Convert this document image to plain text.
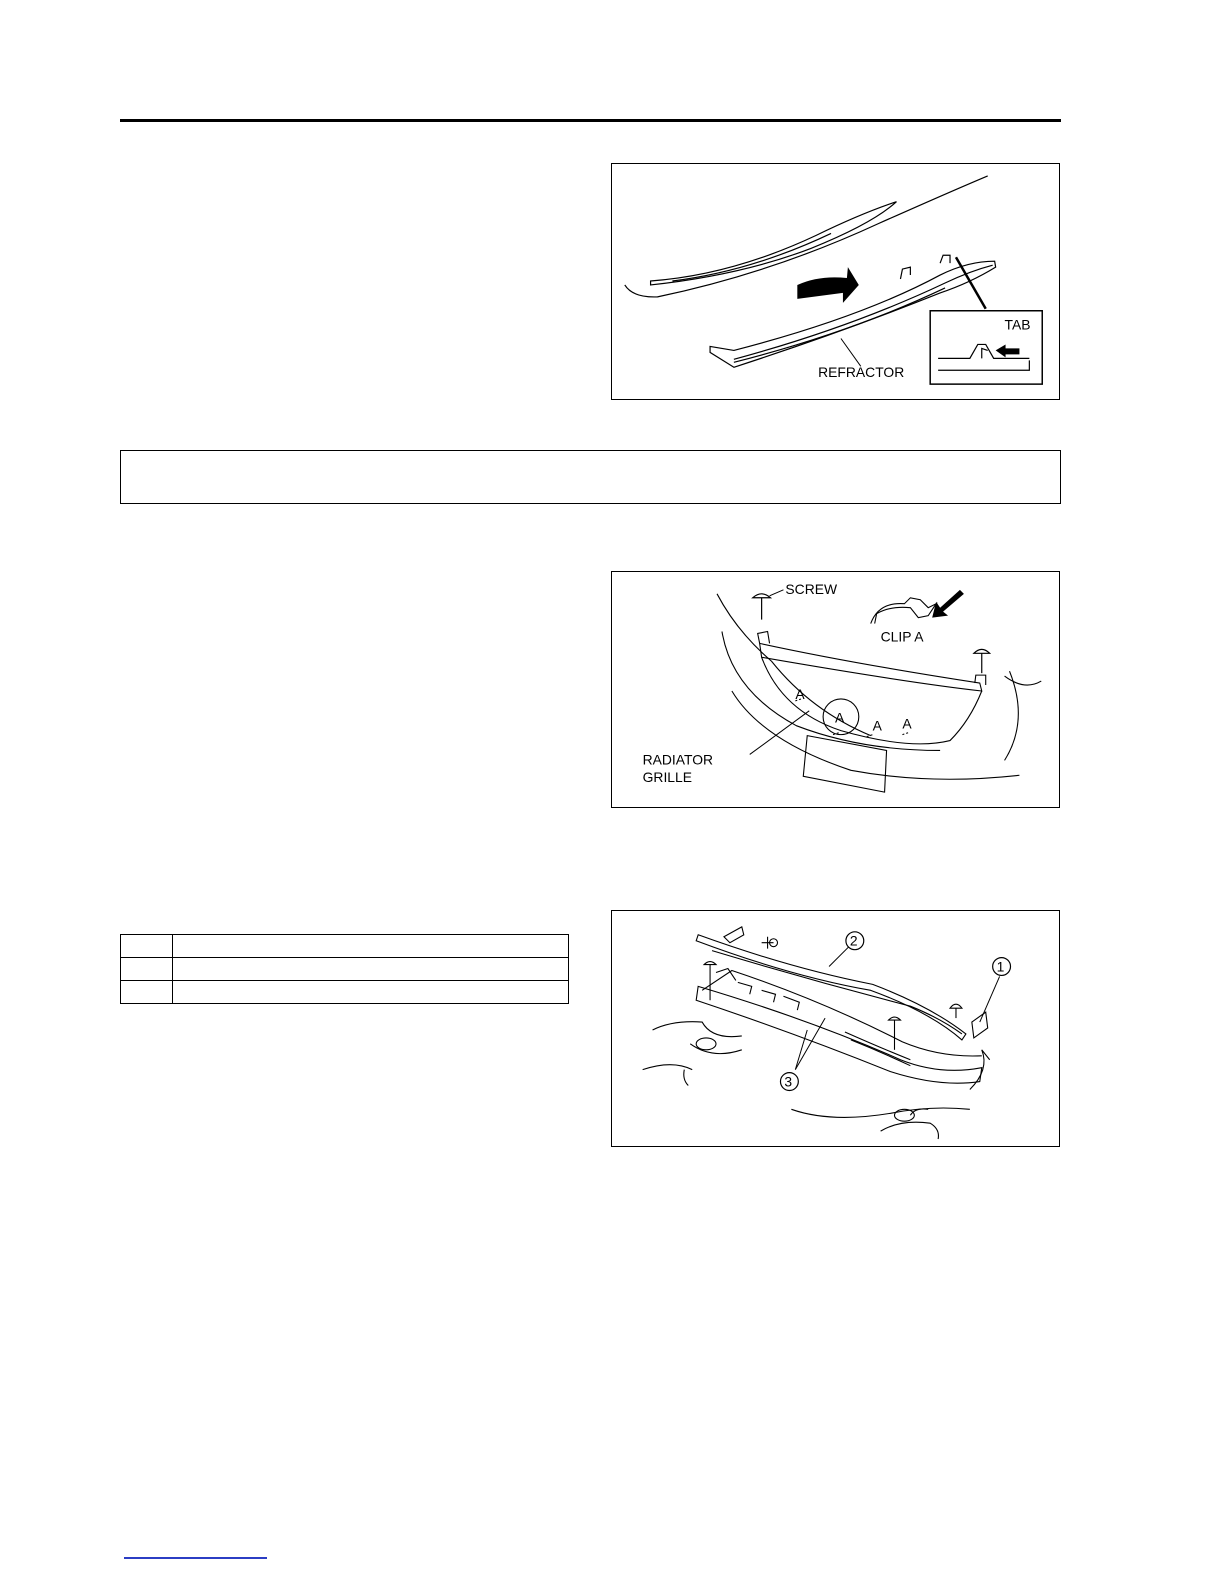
REFRACTOR
TAB
SCREW
CLIP A
A
A A A
RADIATOR
GRILLE

2
1
3
